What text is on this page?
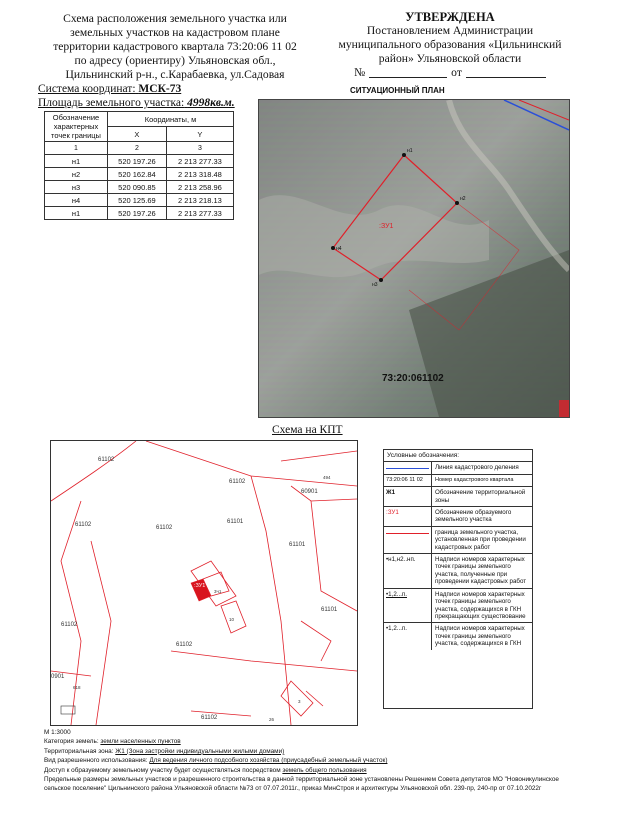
Схема расположения земельного участка или
земельных участков на кадастровом плане
территории кадастрового квартала 73:20:06 11 02
по адресу (ориентиру) Ульяновская обл.,
Цильнинский р-н., с.Карабаевка, ул.Садовая
УТВЕРЖДЕНА
Постановлением Администрации
муниципального образования «Цильнинский
район» Ульяновской области
№	от
Система координат: МСК-73
Площадь земельного участка: 4998кв.м.
Обозначение характерных точек границы	Координаты, м	
	X	Y
1	2	3
н1	520 197.26	2 213 277.33
н2	520 162.84	2 213 318.48
н3	520 090.85	2 213 258.96
н4	520 125.69	2 213 218.13
н1	520 197.26	2 213 277.33
СИТУАЦИОННЫЙ ПЛАН
н1
н2
н3
н4
:ЗУ1
73:20:061102
Схема на КПТ
:ЗУ1
61102
61102
61102	61101
61101
61101
61102
61102
61102
60901
494
0901
618
61102
3ч1
10
26
3
Условные обозначения:
Линия кадастрового деления
73:20:06 11 02	Номер кадастрового квартала
Ж1	Обозначение территориальной зоны
:ЗУ1	Обозначение образуемого земельного участка
граница земельного участка, установленная при проведении кадастровых работ
•н1,н2..нп.	Надписи номеров характерных точек границы земельного участка, полученные при проведении кадастровых работ
•1,2...п.	Надписи номеров характерных точек границы земельного участка, содержащихся в ГКН прекращающих существование
•1,2...п.	Надписи номеров характерных точек границы земельного участка, содержащихся в ГКН
М 1:3000
Категория земель: земли населенных пунктов
Территориальная зона: Ж1 (Зона застройки индивидуальными жилыми домами)
Вид разрешенного использования: Для ведения личного подсобного хозяйства (приусадебный земельный участок)
Доступ к образуемому земельному участку будет осуществляться посредством земель общего пользования
Предельные размеры земельных участков и разрешенного строительства в данной территориальной зоне установлены Решением Совета депутатов МО "Новоникулинское сельское поселение" Цильнинского района Ульяновской области №73 от 07.07.2011г., приказ МинСтроя и архитектуры Ульяновской обл. 239-пр, 240-пр от 07.10.2022г
